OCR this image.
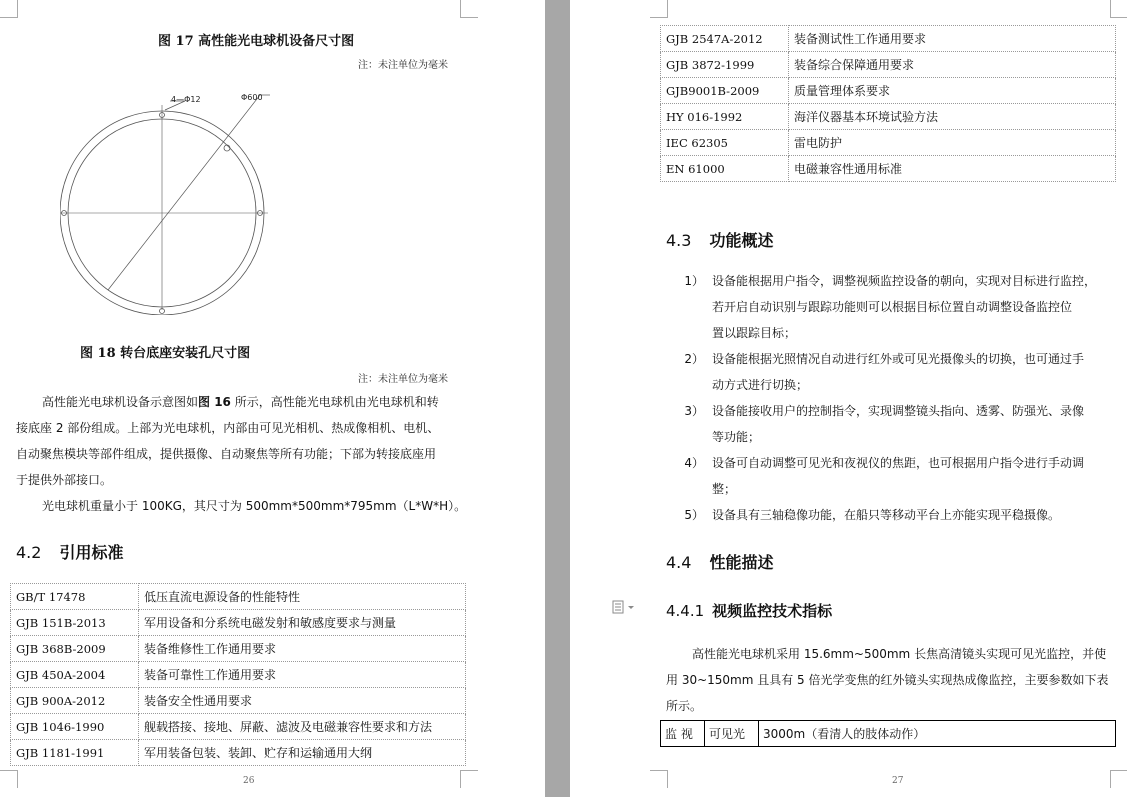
图 17 高性能光电球机设备尺寸图
注：未注单位为毫米
4—Φ12	Φ600
图 18 转台底座安装孔尺寸图
注：未注单位为毫米
高性能光电球机设备示意图如图 16 所示，高性能光电球机由光电球机和转
接底座 2 部份组成。上部为光电球机，内部由可见光相机、热成像相机、电机、
自动聚焦模块等部件组成，提供摄像、自动聚焦等所有功能；下部为转接底座用
于提供外部接口。
光电球机重量小于 100KG，其尺寸为 500mm*500mm*795mm（L*W*H）。
4.2 引用标准
GB/T 17478	低压直流电源设备的性能特性
GJB 151B-2013	军用设备和分系统电磁发射和敏感度要求与测量
GJB 368B-2009	装备维修性工作通用要求
GJB 450A-2004	装备可靠性工作通用要求
GJB 900A-2012	装备安全性通用要求
GJB 1046-1990	舰载搭接、接地、屏蔽、滤波及电磁兼容性要求和方法
GJB 1181-1991	军用装备包装、装卸、贮存和运输通用大纲
26
GJB 2547A-2012	装备测试性工作通用要求
GJB 3872-1999	装备综合保障通用要求
GJB9001B-2009	质量管理体系要求
HY 016-1992	海洋仪器基本环境试验方法
IEC 62305	雷电防护
EN 61000	电磁兼容性通用标准
4.3 功能概述
1） 设备能根据用户指令，调整视频监控设备的朝向，实现对目标进行监控，
若开启自动识别与跟踪功能则可以根据目标位置自动调整设备监控位
置以跟踪目标；
2） 设备能根据光照情况自动进行红外或可见光摄像头的切换，也可通过手
动方式进行切换；
3） 设备能接收用户的控制指令，实现调整镜头指向、透雾、防强光、录像
等功能；
4） 设备可自动调整可见光和夜视仪的焦距，也可根据用户指令进行手动调
整；
5） 设备具有三轴稳像功能，在船只等移动平台上亦能实现平稳摄像。
4.4 性能描述
4.4.1 视频监控技术指标
高性能光电球机采用 15.6mm~500mm 长焦高清镜头实现可见光监控，并使
用 30~150mm 且具有 5 倍光学变焦的红外镜头实现热成像监控，主要参数如下表
所示。
监 视	可见光	3000m（看清人的肢体动作）
27
